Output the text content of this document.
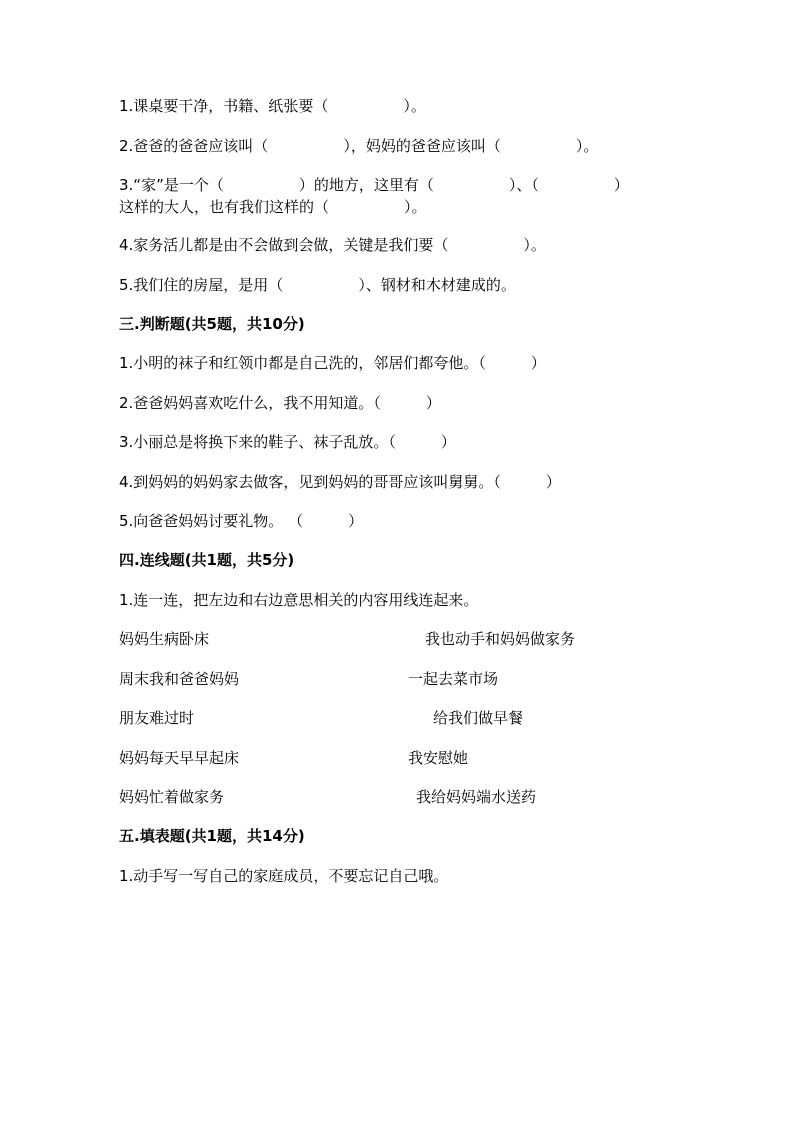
1.课桌要干净，书籍、纸张要（　　　　　）。
2.爸爸的爸爸应该叫（　　　　　），妈妈的爸爸应该叫（　　　　　）。
3.“家”是一个（　　　　　）的地方，这里有（　　　　　）、（　　　　　）
这样的大人，也有我们这样的（　　　　　）。
4.家务活儿都是由不会做到会做，关键是我们要（　　　　　）。
5.我们住的房屋，是用（　　　　　）、钢材和木材建成的。
三.判断题(共5题，共10分)
1.小明的袜子和红领巾都是自己洗的，邻居们都夸他。（　　　）
2.爸爸妈妈喜欢吃什么，我不用知道。（　　　）
3.小丽总是将换下来的鞋子、袜子乱放。（　　　）
4.到妈妈的妈妈家去做客，见到妈妈的哥哥应该叫舅舅。（　　　）
5.向爸爸妈妈讨要礼物。 （　　　）
四.连线题(共1题，共5分)
1.连一连，把左边和右边意思相关的内容用线连起来。
妈妈生病卧床	我也动手和妈妈做家务
周末我和爸爸妈妈	一起去菜市场
朋友难过时	给我们做早餐
妈妈每天早早起床	我安慰她
妈妈忙着做家务	我给妈妈端水送药
五.填表题(共1题，共14分)
1.动手写一写自己的家庭成员，不要忘记自己哦。
